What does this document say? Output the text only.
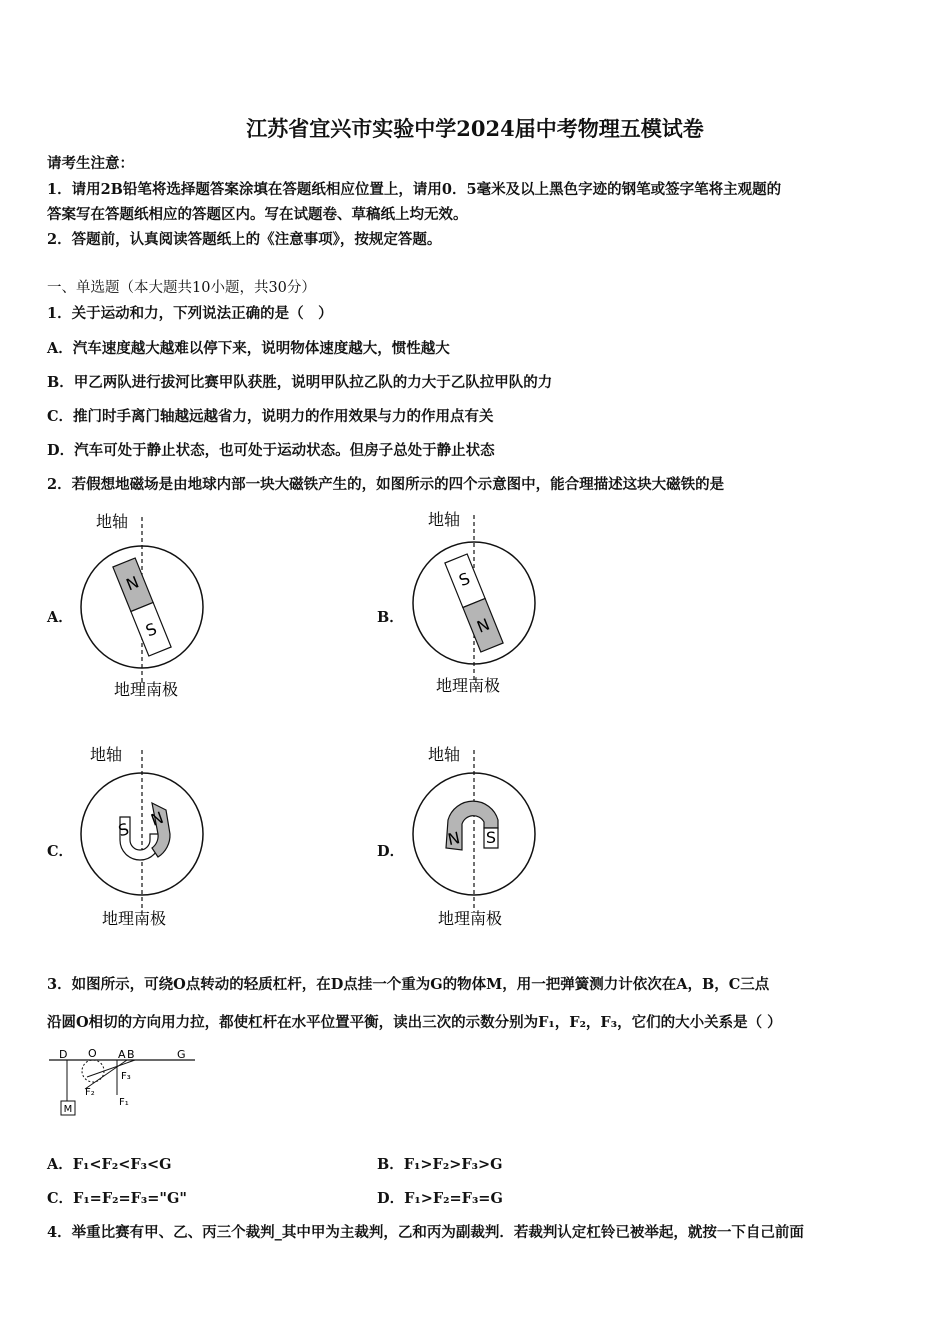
江苏省宜兴市实验中学2024届中考物理五模试卷
请考生注意：
1．请用2B铅笔将选择题答案涂填在答题纸相应位置上，请用0．5毫米及以上黑色字迹的钢笔或签字笔将主观题的
答案写在答题纸相应的答题区内。写在试题卷、草稿纸上均无效。
2．答题前，认真阅读答题纸上的《注意事项》，按规定答题。
一、单选题（本大题共10小题，共30分）
1．关于运动和力，下列说法正确的是（　）
A．汽车速度越大越难以停下来，说明物体速度越大，惯性越大
B．甲乙两队进行拔河比赛甲队获胜，说明甲队拉乙队的力大于乙队拉甲队的力
C．推门时手离门轴越远越省力，说明力的作用效果与力的作用点有关
D．汽车可处于静止状态，也可处于运动状态。但房子总处于静止状态
2．若假想地磁场是由地球内部一块大磁铁产生的，如图所示的四个示意图中，能合理描述这块大磁铁的是
A．	B．
C．	D．
地轴
N
S
地理南极
地轴
S
N
地理南极
地轴
S N
地理南极
地轴
N S
地理南极
3．如图所示，可绕O点转动的轻质杠杆，在D点挂一个重为G的物体M，用一把弹簧测力计依次在A，B，C三点
沿圆O相切的方向用力拉，都使杠杆在水平位置平衡，读出三次的示数分别为F₁，F₂，F₃，它们的大小关系是（ ）
D O A B	G
M
F₃
F₂
F₁
A．F₁<F₂<F₃<G	B．F₁>F₂>F₃>G
C．F₁=F₂=F₃="G"	D．F₁>F₂=F₃=G
4．举重比赛有甲、乙、丙三个裁判_其中甲为主裁判，乙和丙为副裁判．若裁判认定杠铃已被举起，就按一下自己前面
